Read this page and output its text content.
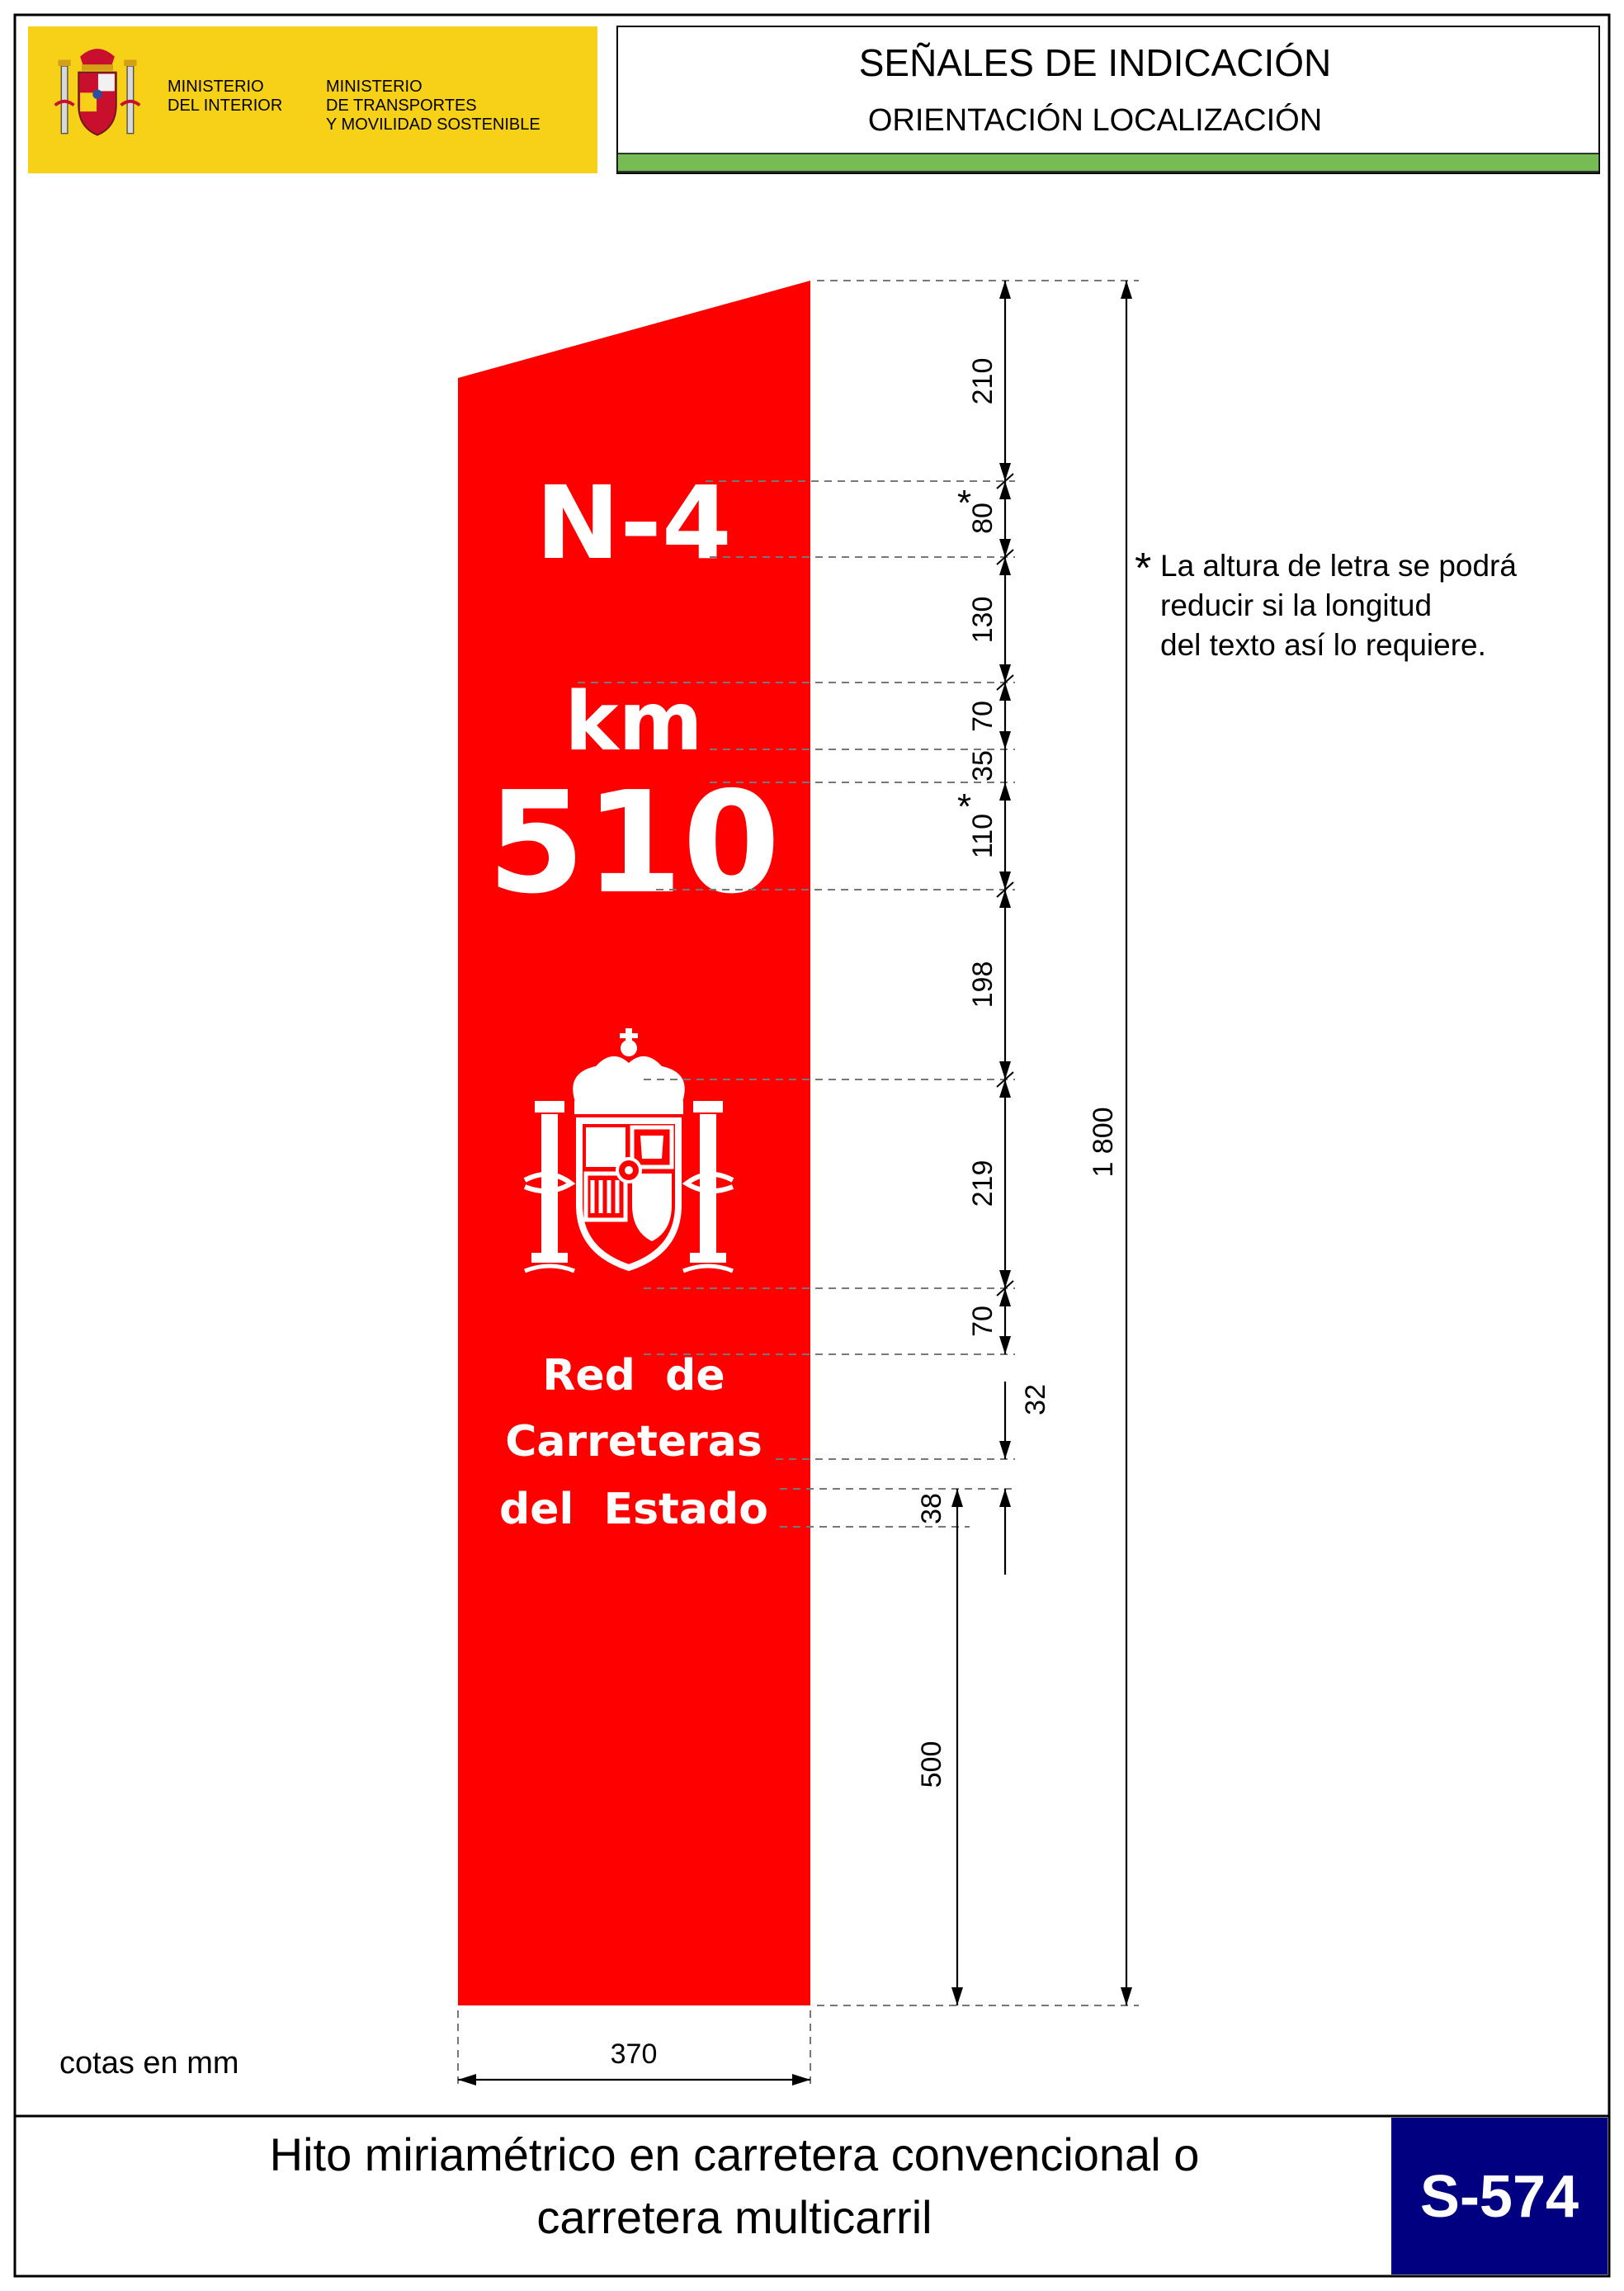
MINISTERIO
DEL INTERIOR
MINISTERIO
DE TRANSPORTES
Y MOVILIDAD SOSTENIBLE
SEÑALES DE INDICACIÓN
ORIENTACIÓN LOCALIZACIÓN
N-4
km
510
Red  de
Carreteras
del  Estado
210
80
*
130
70
35
110
*
198
219
70
32
38
500
1 800
370
cotas en mm
* La altura de letra se podrá
reducir si la longitud
del texto así lo requiere.
Hito miriamétrico en carretera convencional o
carretera multicarril	S-574
